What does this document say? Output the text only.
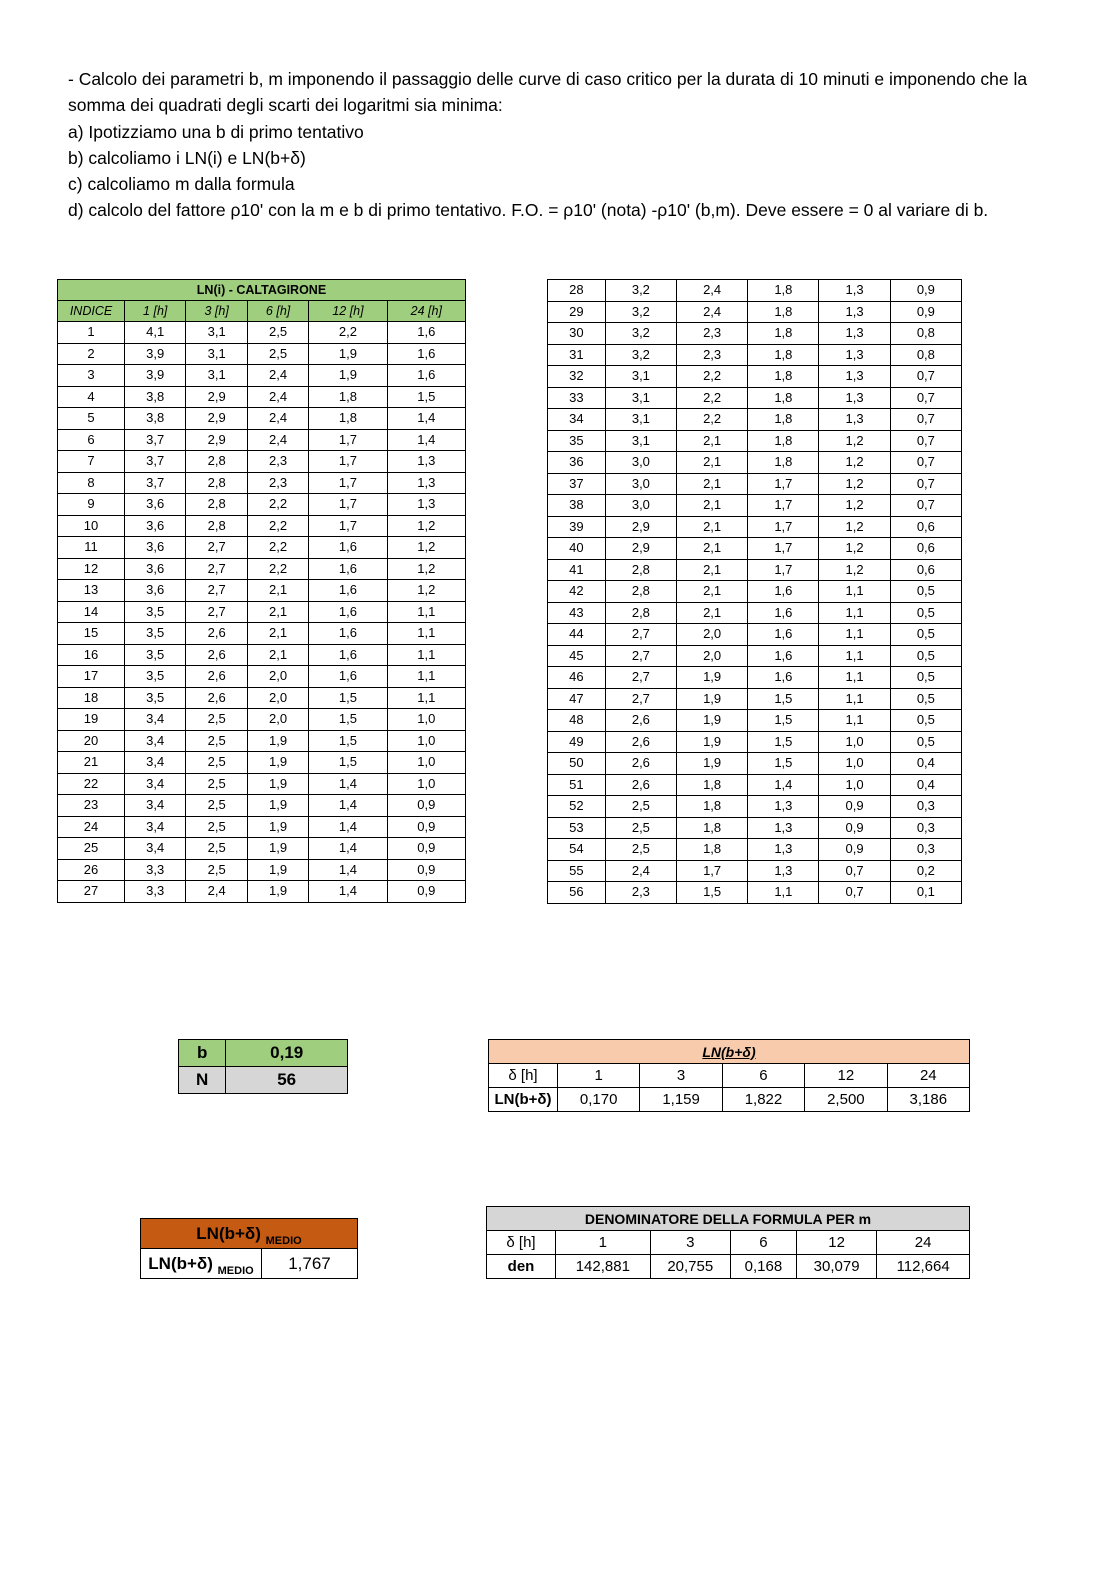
- Calcolo dei parametri b, m imponendo il passaggio delle curve di caso critico per la durata di 10 minuti e imponendo che la somma dei quadrati degli scarti dei logaritmi sia minima:
a) Ipotizziamo una b di primo tentativo
b) calcoliamo i LN(i) e LN(b+δ)
c) calcoliamo m dalla formula
d) calcolo del fattore ρ10' con la m e b di primo tentativo. F.O. = ρ10' (nota) -ρ10' (b,m). Deve essere = 0 al variare di b.
LN(i) - CALTAGIRONE					
INDICE	1 [h]	3 [h]	6 [h]	12 [h]	24 [h]
1	4,1	3,1	2,5	2,2	1,6
2	3,9	3,1	2,5	1,9	1,6
3	3,9	3,1	2,4	1,9	1,6
4	3,8	2,9	2,4	1,8	1,5
5	3,8	2,9	2,4	1,8	1,4
6	3,7	2,9	2,4	1,7	1,4
7	3,7	2,8	2,3	1,7	1,3
8	3,7	2,8	2,3	1,7	1,3
9	3,6	2,8	2,2	1,7	1,3
10	3,6	2,8	2,2	1,7	1,2
11	3,6	2,7	2,2	1,6	1,2
12	3,6	2,7	2,2	1,6	1,2
13	3,6	2,7	2,1	1,6	1,2
14	3,5	2,7	2,1	1,6	1,1
15	3,5	2,6	2,1	1,6	1,1
16	3,5	2,6	2,1	1,6	1,1
17	3,5	2,6	2,0	1,6	1,1
18	3,5	2,6	2,0	1,5	1,1
19	3,4	2,5	2,0	1,5	1,0
20	3,4	2,5	1,9	1,5	1,0
21	3,4	2,5	1,9	1,5	1,0
22	3,4	2,5	1,9	1,4	1,0
23	3,4	2,5	1,9	1,4	0,9
24	3,4	2,5	1,9	1,4	0,9
25	3,4	2,5	1,9	1,4	0,9
26	3,3	2,5	1,9	1,4	0,9
27	3,3	2,4	1,9	1,4	0,9
28	3,2	2,4	1,8	1,3	0,9
29	3,2	2,4	1,8	1,3	0,9
30	3,2	2,3	1,8	1,3	0,8
31	3,2	2,3	1,8	1,3	0,8
32	3,1	2,2	1,8	1,3	0,7
33	3,1	2,2	1,8	1,3	0,7
34	3,1	2,2	1,8	1,3	0,7
35	3,1	2,1	1,8	1,2	0,7
36	3,0	2,1	1,8	1,2	0,7
37	3,0	2,1	1,7	1,2	0,7
38	3,0	2,1	1,7	1,2	0,7
39	2,9	2,1	1,7	1,2	0,6
40	2,9	2,1	1,7	1,2	0,6
41	2,8	2,1	1,7	1,2	0,6
42	2,8	2,1	1,6	1,1	0,5
43	2,8	2,1	1,6	1,1	0,5
44	2,7	2,0	1,6	1,1	0,5
45	2,7	2,0	1,6	1,1	0,5
46	2,7	1,9	1,6	1,1	0,5
47	2,7	1,9	1,5	1,1	0,5
48	2,6	1,9	1,5	1,1	0,5
49	2,6	1,9	1,5	1,0	0,5
50	2,6	1,9	1,5	1,0	0,4
51	2,6	1,8	1,4	1,0	0,4
52	2,5	1,8	1,3	0,9	0,3
53	2,5	1,8	1,3	0,9	0,3
54	2,5	1,8	1,3	0,9	0,3
55	2,4	1,7	1,3	0,7	0,2
56	2,3	1,5	1,1	0,7	0,1
b	0,19
N	56
LN(b+δ)					
δ [h]	1	3	6	12	24
LN(b+δ)	0,170	1,159	1,822	2,500	3,186
LN(b+δ) $_{MEDIO}$
LN(b+δ) $_{MEDIO}$	1,767
DENOMINATORE DELLA FORMULA PER m					
δ [h]	1	3	6	12	24
den	142,881	20,755	0,168	30,079	112,664
